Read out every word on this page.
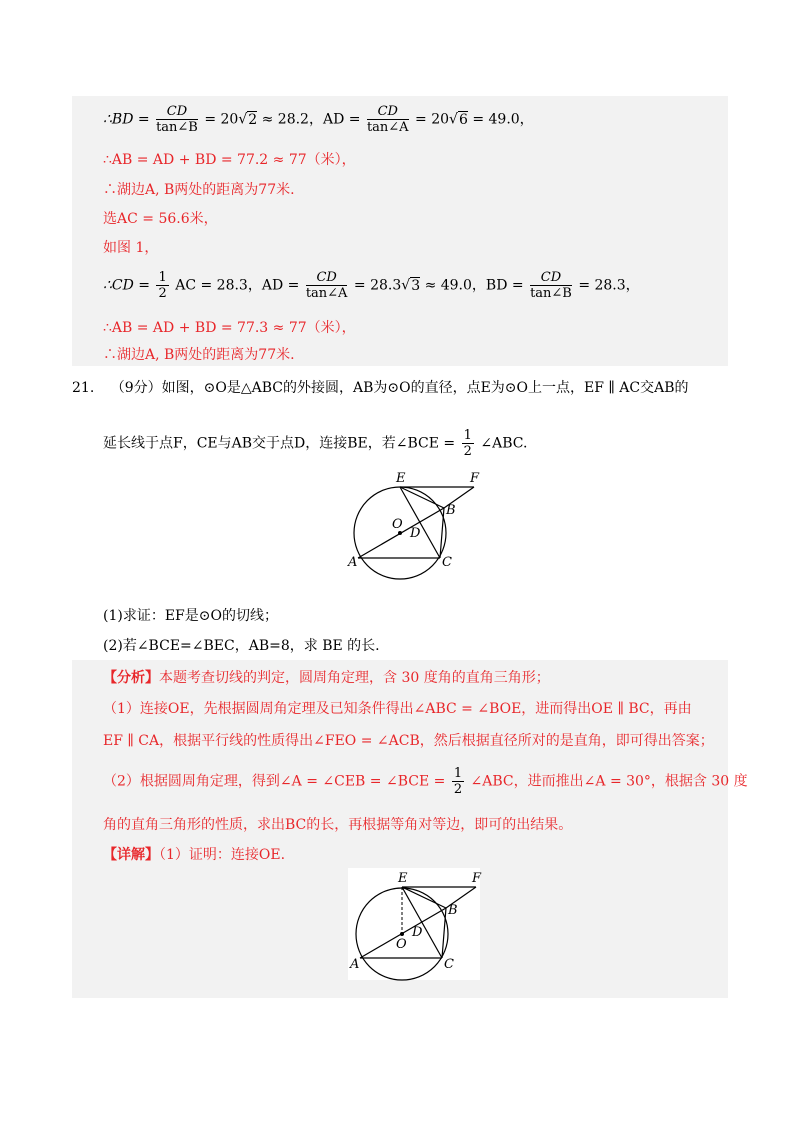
∴BD = $\frac{CD}{\tan\angle B} = 20√2 \approx 28.2$，AD = $\frac{CD}{\tan\angle A} = 20√6 = 49.0$，
∴AB = AD + BD = 77.2 ≈ 77（米），
∴湖边A, B两处的距离为77米.
选AC = 56.6米，
如图 1，
∴CD = $\frac{1}{2}$ AC = 28.3，AD = $\frac{CD}{\tan\angle A} = 28.3√3 \approx 49.0$，BD = $\frac{CD}{\tan\angle B} = 28.3$，
∴AB = AD + BD = 77.3 ≈ 77（米），
∴湖边A, B两处的距离为77米.
21. （9分）如图，⊙O是△ABC的外接圆，AB为⊙O的直径，点E为⊙O上一点，EF ∥ AC交AB的
延长线于点F，CE与AB交于点D，连接BE，若∠BCE = $\frac{1}{2}$ ∠ABC.
E	F
B
O
D
A	C
(1)求证：EF是⊙O的切线；
(2)若∠BCE=∠BEC，AB=8，求 BE 的长.
【分析】本题考查切线的判定，圆周角定理，含 30 度角的直角三角形；
（1）连接OE，先根据圆周角定理及已知条件得出∠ABC = ∠BOE，进而得出OE ∥ BC，再由
EF ∥ CA，根据平行线的性质得出∠FEO = ∠ACB，然后根据直径所对的是直角，即可得出答案；
（2）根据圆周角定理，得到∠A = ∠CEB = ∠BCE = $\frac{1}{2}$ ∠ABC，进而推出∠A = 30°，根据含 30 度
角的直角三角形的性质，求出BC的长，再根据等角对等边，即可的出结果。
【详解】（1）证明：连接OE.
E	F
B
O
D
A	C
